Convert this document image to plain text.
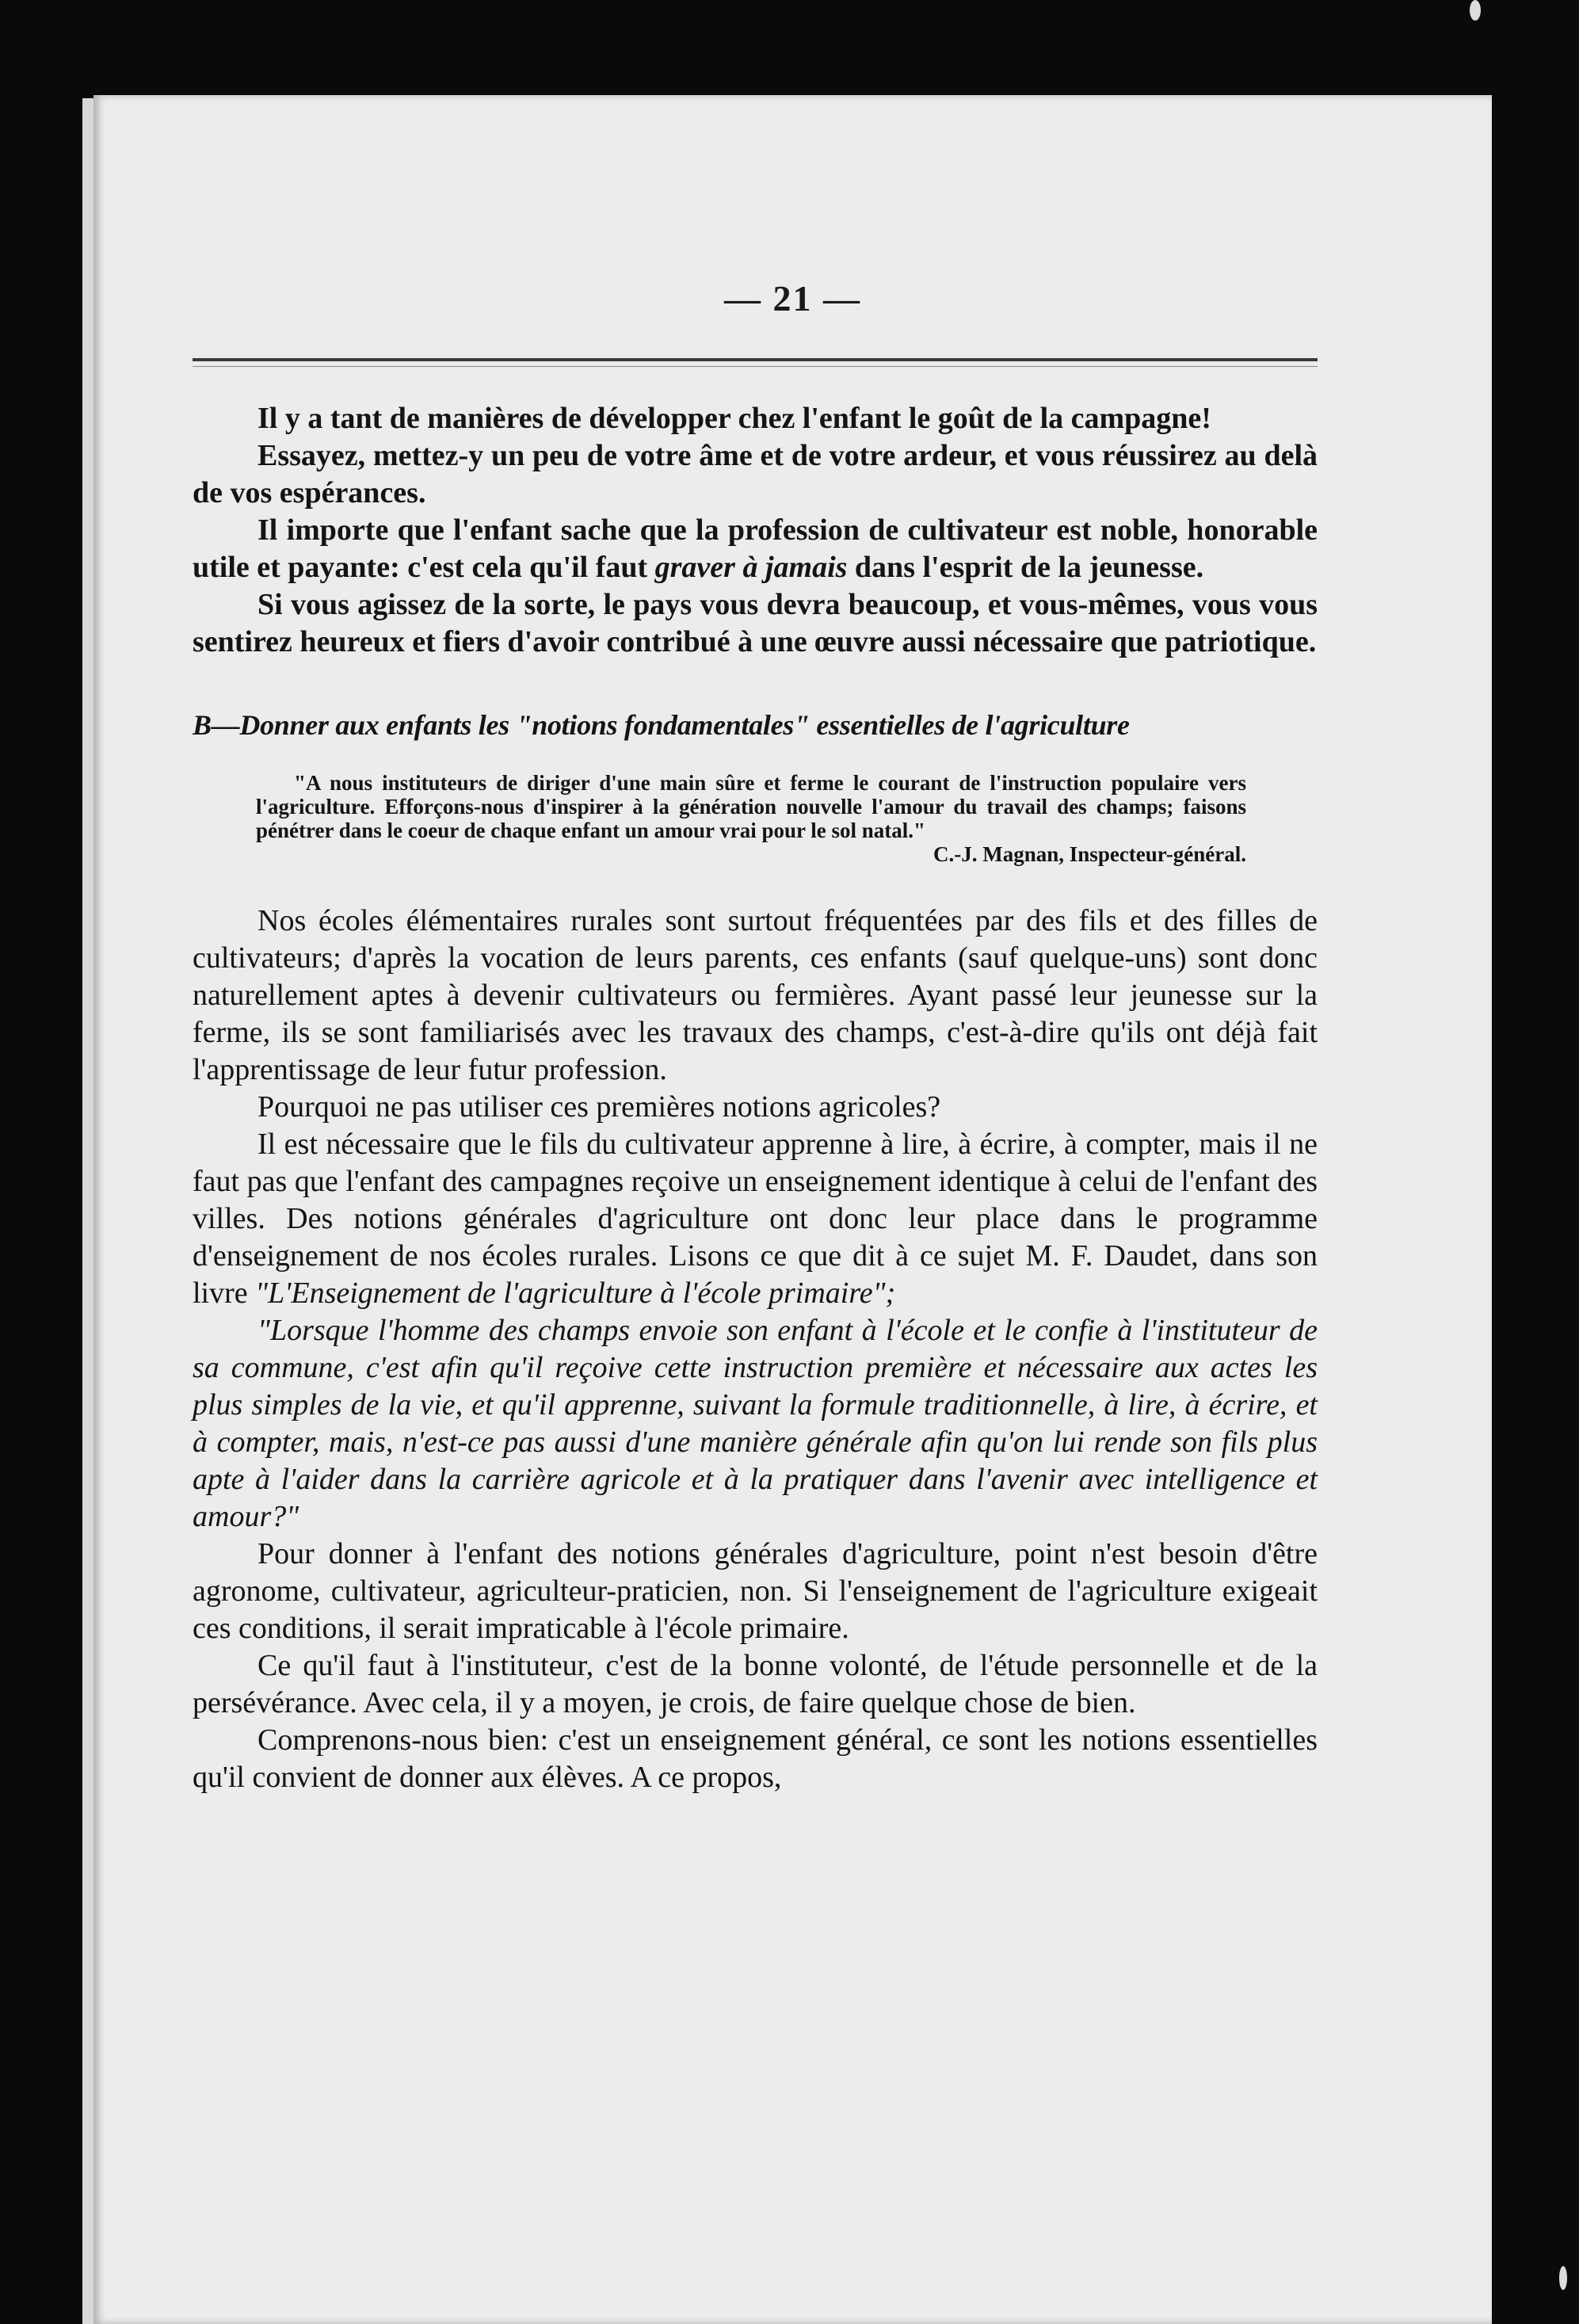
— 21 —

Il y a tant de manières de développer chez l'enfant le goût de la campagne!

Essayez, mettez-y un peu de votre âme et de votre ardeur, et vous réussirez au delà de vos espérances.

Il importe que l'enfant sache que la profession de cultivateur est noble, honorable utile et payante: c'est cela qu'il faut graver à jamais dans l'esprit de la jeunesse.

Si vous agissez de la sorte, le pays vous devra beaucoup, et vous-mêmes, vous vous sentirez heureux et fiers d'avoir contribué à une œuvre aussi nécessaire que patriotique.

B—Donner aux enfants les "notions fondamentales" essentielles de l'agriculture

"A nous instituteurs de diriger d'une main sûre et ferme le courant de l'instruction populaire vers l'agriculture. Efforçons-nous d'inspirer à la génération nouvelle l'amour du travail des champs; faisons pénétrer dans le coeur de chaque enfant un amour vrai pour le sol natal."
C.-J. Magnan, Inspecteur-général.

Nos écoles élémentaires rurales sont surtout fréquentées par des fils et des filles de cultivateurs; d'après la vocation de leurs parents, ces enfants (sauf quelque-uns) sont donc naturellement aptes à devenir cultivateurs ou fermières. Ayant passé leur jeunesse sur la ferme, ils se sont familiarisés avec les travaux des champs, c'est-à-dire qu'ils ont déjà fait l'apprentissage de leur futur profession.

Pourquoi ne pas utiliser ces premières notions agricoles?

Il est nécessaire que le fils du cultivateur apprenne à lire, à écrire, à compter, mais il ne faut pas que l'enfant des campagnes reçoive un enseignement identique à celui de l'enfant des villes. Des notions générales d'agriculture ont donc leur place dans le programme d'enseignement de nos écoles rurales. Lisons ce que dit à ce sujet M. F. Daudet, dans son livre "L'Enseignement de l'agriculture à l'école primaire";

"Lorsque l'homme des champs envoie son enfant à l'école et le confie à l'instituteur de sa commune, c'est afin qu'il reçoive cette instruction première et nécessaire aux actes les plus simples de la vie, et qu'il apprenne, suivant la formule traditionnelle, à lire, à écrire, et à compter, mais, n'est-ce pas aussi d'une manière générale afin qu'on lui rende son fils plus apte à l'aider dans la carrière agricole et à la pratiquer dans l'avenir avec intelligence et amour?"

Pour donner à l'enfant des notions générales d'agriculture, point n'est besoin d'être agronome, cultivateur, agriculteur-praticien, non. Si l'enseignement de l'agriculture exigeait ces conditions, il serait impraticable à l'école primaire.

Ce qu'il faut à l'instituteur, c'est de la bonne volonté, de l'étude personnelle et de la persévérance. Avec cela, il y a moyen, je crois, de faire quelque chose de bien.

Comprenons-nous bien: c'est un enseignement général, ce sont les notions essentielles qu'il convient de donner aux élèves. A ce propos,
